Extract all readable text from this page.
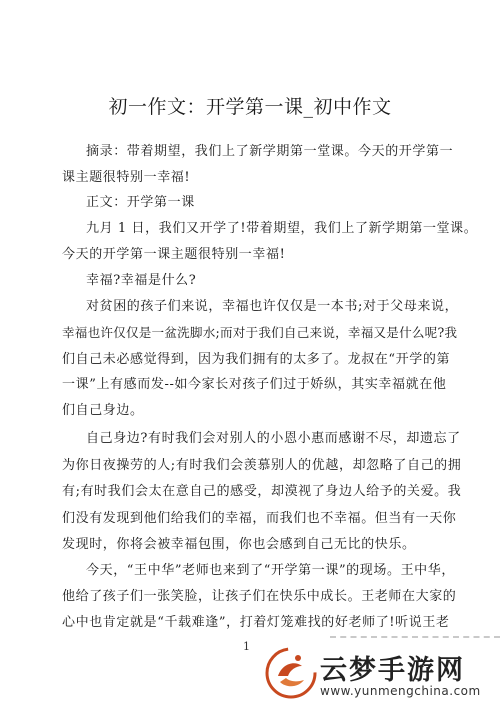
初一作文：开学第一课_初中作文
摘录：带着期望，我们上了新学期第一堂课。今天的开学第一
课主题很特别一幸福!
正文：开学第一课
九月 1 日，我们又开学了!带着期望，我们上了新学期第一堂课。
今天的开学第一课主题很特别一幸福!
幸福?幸福是什么?
对贫困的孩子们来说，幸福也许仅仅是一本书;对于父母来说，
幸福也许仅仅是一盆洗脚水;而对于我们自己来说，幸福又是什么呢?我
们自己未必感觉得到，因为我们拥有的太多了。龙叔在“开学的第
一课”上有感而发--如今家长对孩子们过于娇纵，其实幸福就在他
们自己身边。
自己身边?有时我们会对别人的小恩小惠而感谢不尽，却遗忘了
为你日夜操劳的人;有时我们会羡慕别人的优越，却忽略了自己的拥
有;有时我们会太在意自己的感受，却漠视了身边人给予的关爱。我
们没有发现到他们给我们的幸福，而我们也不幸福。但当有一天你
发现时，你将会被幸福包围，你也会感到自己无比的快乐。
今天，“王中华”老师也来到了“开学第一课”的现场。王中华，
他给了孩子们一张笑脸，让孩子们在快乐中成长。王老师在大家的
心中也肯定就是“千载难逢”，打着灯笼难找的好老师了!听说王老
1
云梦手游网
www.yunmengchina.com
